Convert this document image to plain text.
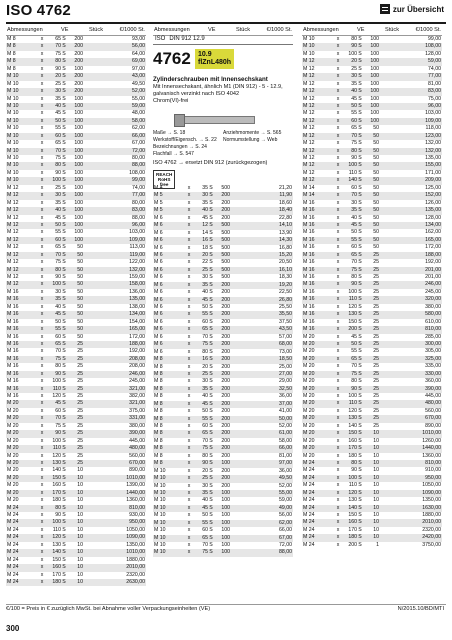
ISO 4762	zur Übersicht
Abmessungen	VE	Stück	€/1000 St.
M 8	x	65 S	200	93,00
M 8	x	70 S	200	56,00
M 8	x	75 S	200	64,00
M 8	x	80 S	200	69,00
M 8	x	90 S	100	97,00
M 10	x	20 S	200	43,00
M 10	x	25 S	200	49,50
M 10	x	30 S	200	52,00
M 10	x	35 S	100	55,00
M 10	x	40 S	100	59,00
M 10	x	45 S	100	48,00
M 10	x	50 S	100	58,00
M 10	x	55 S	100	62,00
M 10	x	60 S	100	66,00
M 10	x	65 S	100	67,00
M 10	x	70 S	100	72,00
M 10	x	75 S	100	80,00
M 10	x	80 S	100	88,00
M 10	x	90 S	100	108,00
M 10	x	100 S	100	99,00
M 12	x	25 S	100	74,00
M 12	x	30 S	100	77,00
M 12	x	35 S	100	80,00
M 12	x	40 S	100	83,00
M 12	x	45 S	100	88,00
M 12	x	50 S	100	96,00
M 12	x	55 S	100	103,00
M 12	x	60 S	100	109,00
M 12	x	65 S	50	113,00
M 12	x	70 S	50	119,00
M 12	x	75 S	50	122,00
M 12	x	80 S	50	132,00
M 12	x	90 S	50	159,00
M 12	x	100 S	50	158,00
M 16	x	30 S	50	136,00
M 16	x	35 S	50	135,00
M 16	x	40 S	50	138,00
M 16	x	45 S	50	134,00
M 16	x	50 S	50	154,00
M 16	x	55 S	50	165,00
M 16	x	60 S	50	172,00
M 16	x	65 S	25	188,00
M 16	x	70 S	25	192,00
M 16	x	75 S	25	208,00
M 16	x	80 S	25	208,00
M 16	x	90 S	25	246,00
M 16	x	100 S	25	245,00
M 16	x	110 S	25	321,00
M 16	x	120 S	25	382,00
M 20	x	45 S	25	321,00
M 20	x	60 S	25	375,00
M 20	x	70 S	25	331,00
M 20	x	75 S	25	380,00
M 20	x	90 S	25	390,00
M 20	x	100 S	25	445,00
M 20	x	110 S	25	480,00
M 20	x	120 S	25	560,00
M 20	x	130 S	25	670,00
M 20	x	140 S	10	890,00
M 20	x	150 S	10	1010,00
M 20	x	160 S	10	1390,00
M 20	x	170 S	10	1440,00
M 20	x	180 S	10	1360,00
M 24	x	80 S	10	810,00
M 24	x	90 S	10	930,00
M 24	x	100 S	10	950,00
M 24	x	110 S	10	1050,00
M 24	x	120 S	10	1090,00
M 24	x	130 S	10	1350,00
M 24	x	140 S	10	1010,00
M 24	x	150 S	10	1880,00
M 24	x	160 S	10	2010,00
M 24	x	170 S	10	2320,00
M 24	x	180 S	10	2630,00
Abmessungen	VE	Stück	€/1000 St.
M 4	x	35 S	500	21,20
M 5	x	30 S	200	11,90
M 5	x	35 S	200	18,60
M 5	x	40 S	200	18,40
M 6	x	45 S	200	22,80
M 6	x	12 S	500	14,10
M 6	x	14 S	500	13,90
M 6	x	16 S	500	14,30
M 6	x	18 S	500	16,80
M 6	x	20 S	500	15,20
M 6	x	22 S	500	20,50
M 6	x	25 S	500	16,10
M 6	x	30 S	500	18,30
M 6	x	35 S	200	19,20
M 6	x	40 S	200	22,50
M 6	x	45 S	200	26,80
M 6	x	50 S	200	25,50
M 6	x	55 S	200	35,50
M 6	x	60 S	200	37,50
M 6	x	65 S	200	43,50
M 6	x	70 S	200	57,00
M 6	x	75 S	200	68,00
M 6	x	80 S	200	73,00
M 8	x	16 S	200	18,50
M 8	x	20 S	200	25,00
M 8	x	25 S	200	27,00
M 8	x	30 S	200	29,00
M 8	x	35 S	200	32,50
M 8	x	40 S	200	36,00
M 8	x	45 S	200	37,00
M 8	x	50 S	200	41,00
M 8	x	55 S	200	50,00
M 8	x	60 S	200	52,00
M 8	x	65 S	200	61,00
M 8	x	70 S	200	58,00
M 8	x	75 S	200	66,00
M 8	x	80 S	200	81,00
M 8	x	90 S	100	97,00
M 10	x	20 S	200	36,00
M 10	x	25 S	200	49,50
M 10	x	30 S	200	52,00
M 10	x	35 S	100	55,00
M 10	x	40 S	100	59,00
M 10	x	45 S	100	49,00
M 10	x	50 S	100	56,00
M 10	x	55 S	100	62,00
M 10	x	60 S	100	66,00
M 10	x	65 S	100	67,00
M 10	x	70 S	100	72,00
M 10	x	75 S	100	88,00
Abmessungen	VE	Stück	€/1000 St.
M 10	x	80 S	100	99,00
M 10	x	90 S	100	108,00
M 10	x	100 S	100	128,00
M 12	x	20 S	100	59,00
M 12	x	25 S	100	74,00
M 12	x	30 S	100	77,00
M 12	x	35 S	100	81,00
M 12	x	40 S	100	83,00
M 12	x	45 S	100	75,00
M 12	x	50 S	100	96,00
M 12	x	55 S	100	103,00
M 12	x	60 S	100	109,00
M 12	x	65 S	50	118,00
M 12	x	70 S	50	123,00
M 12	x	75 S	50	132,00
M 12	x	80 S	50	132,00
M 12	x	90 S	50	135,00
M 12	x	100 S	50	155,00
M 12	x	110 S	50	171,00
M 12	x	140 S	50	209,00
M 14	x	60 S	50	125,00
M 14	x	70 S	50	152,00
M 16	x	30 S	50	126,00
M 16	x	35 S	50	135,00
M 16	x	40 S	50	128,00
M 16	x	45 S	50	134,00
M 16	x	50 S	50	162,00
M 16	x	55 S	50	165,00
M 16	x	60 S	50	172,00
M 16	x	65 S	25	188,00
M 16	x	70 S	25	192,00
M 16	x	75 S	25	201,00
M 16	x	80 S	25	201,00
M 16	x	90 S	25	246,00
M 16	x	100 S	25	245,00
M 16	x	110 S	25	320,00
M 16	x	120 S	25	380,00
M 16	x	130 S	25	580,00
M 16	x	150 S	25	610,00
M 16	x	200 S	25	810,00
M 20	x	45 S	25	285,00
M 20	x	50 S	25	300,00
M 20	x	55 S	25	305,00
M 20	x	65 S	25	325,00
M 20	x	70 S	25	335,00
M 20	x	75 S	25	330,00
M 20	x	80 S	25	360,00
M 20	x	90 S	25	390,00
M 20	x	100 S	25	445,00
M 20	x	110 S	25	480,00
M 20	x	120 S	25	560,00
M 20	x	130 S	25	670,00
M 20	x	140 S	25	890,00
M 20	x	150 S	10	1010,00
M 20	x	160 S	10	1260,00
M 20	x	170 S	10	1440,00
M 20	x	180 S	10	1360,00
M 24	x	80 S	10	810,00
M 24	x	90 S	10	910,00
M 24	x	100 S	10	950,00
M 24	x	110 S	10	1050,00
M 24	x	120 S	10	1090,00
M 24	x	130 S	10	1350,00
M 24	x	140 S	10	1630,00
M 24	x	150 S	10	1880,00
M 24	x	160 S	10	2010,00
M 24	x	170 S	10	2320,00
M 24	x	180 S	10	2420,00
M 24	x	200 S	1	3750,00
ISO DIN 912 12.9
4762	10.9
flZnL480h
Zylinderschrauben mit Innensechskant
Mit Innensechskant, ähnlich M1 (DIN 912) - 5 - 12.9,
galvanisch verzinkt nach ISO 4042
Chrom(VI)-frei
Maße → S. 18	Anziehmomente → S. 565
Werkstoff/Eigensch. → S. 22	Normumstellung → Web
Bezeichnungen → S. 24
Flachfall → S. 547
ISO 4762 → ersetzt DIN 912 (zurückgezogen)
REACH
RoHS
free
€/100 = Preis in € zuzüglich MwSt. bei Abnahme voller Verpackungseinheiten (VE)	N/2015.10/BD/MTI
300
